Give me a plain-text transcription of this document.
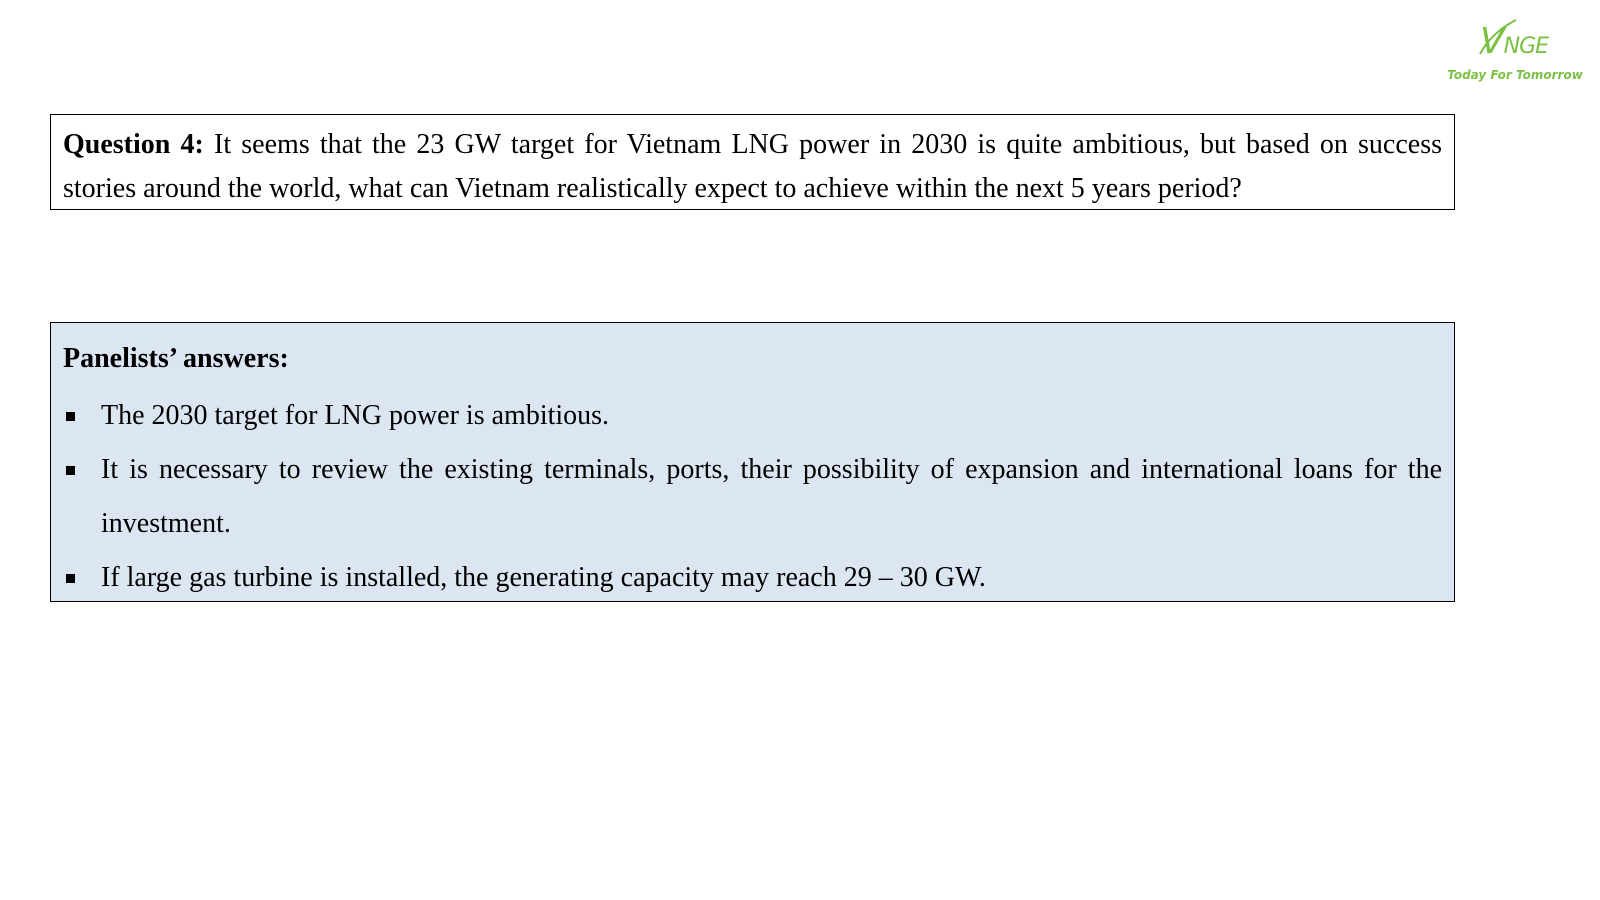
VNGE
Today For Tomorrow
Question 4: It seems that the 23 GW target for Vietnam LNG power in 2030 is quite ambitious, but based on success stories around the world, what can Vietnam realistically expect to achieve within the next 5 years period?
Panelists’ answers:
The 2030 target for LNG power is ambitious.
It is necessary to review the existing terminals, ports, their possibility of expansion and international loans for the investment.
If large gas turbine is installed, the generating capacity may reach 29 – 30 GW.
